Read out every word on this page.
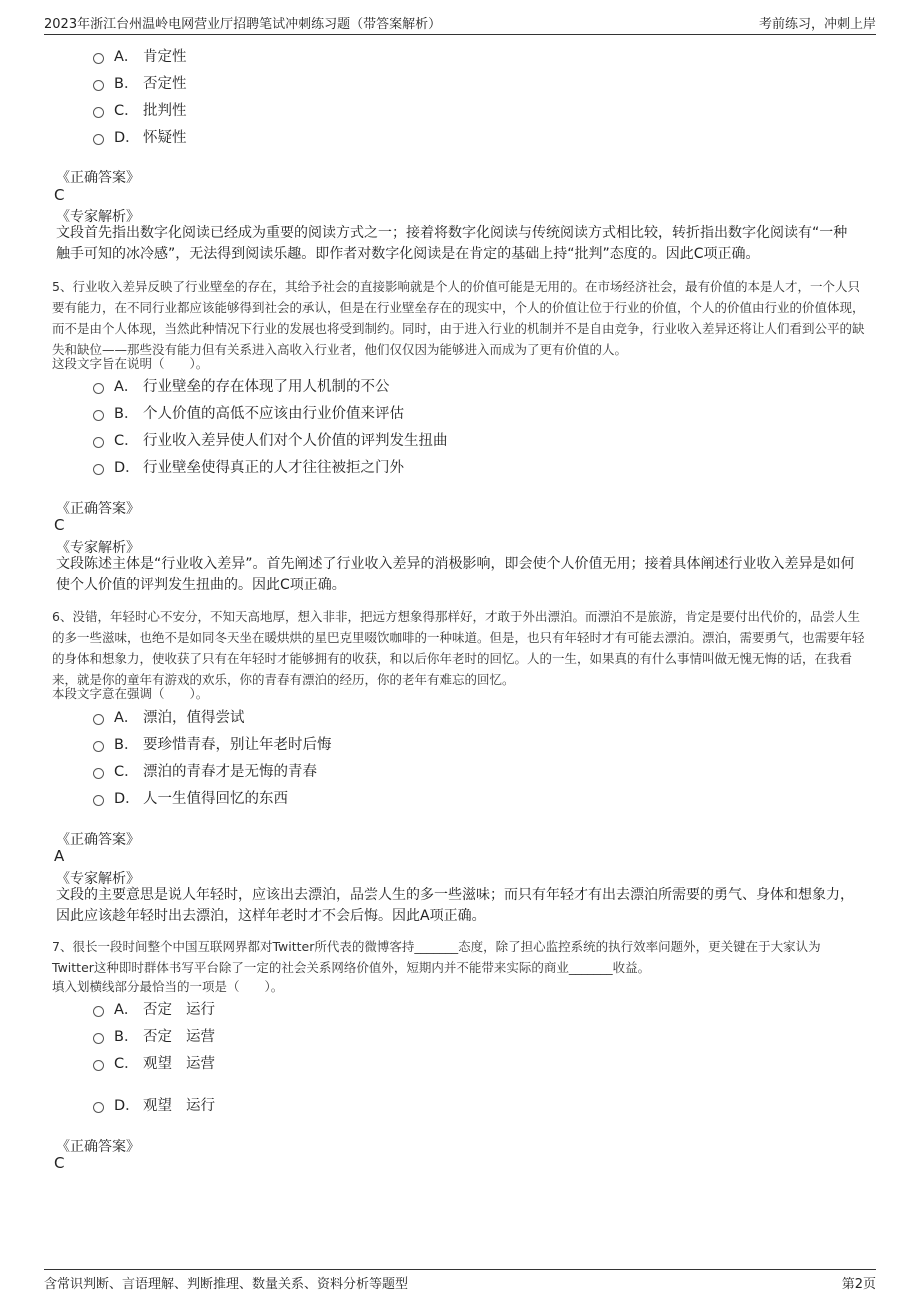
2023年浙江台州温岭电网营业厅招聘笔试冲刺练习题（带答案解析）	考前练习，冲刺上岸
A． 肯定性
B． 否定性
C． 批判性
D． 怀疑性
《正确答案》
C
《专家解析》
文段首先指出数字化阅读已经成为重要的阅读方式之一；接着将数字化阅读与传统阅读方式相比较，转折指出数字化阅读有“一种触手可知的冰冷感”，无法得到阅读乐趣。即作者对数字化阅读是在肯定的基础上持“批判”态度的。因此C项正确。
5、行业收入差异反映了行业壁垒的存在，其给予社会的直接影响就是个人的价值可能是无用的。在市场经济社会，最有价值的本是人才，一个人只要有能力，在不同行业都应该能够得到社会的承认，但是在行业壁垒存在的现实中，个人的价值让位于行业的价值，个人的价值由行业的价值体现，而不是由个人体现，当然此种情况下行业的发展也将受到制约。同时，由于进入行业的机制并不是自由竞争，行业收入差异还将让人们看到公平的缺失和缺位——那些没有能力但有关系进入高收入行业者，他们仅仅因为能够进入而成为了更有价值的人。
这段文字旨在说明（　　）。
A． 行业壁垒的存在体现了用人机制的不公
B． 个人价值的高低不应该由行业价值来评估
C． 行业收入差异使人们对个人价值的评判发生扭曲
D． 行业壁垒使得真正的人才往往被拒之门外
《正确答案》
C
《专家解析》
文段陈述主体是“行业收入差异”。首先阐述了行业收入差异的消极影响，即会使个人价值无用；接着具体阐述行业收入差异是如何使个人价值的评判发生扭曲的。因此C项正确。
6、没错，年轻时心不安分，不知天高地厚，想入非非，把远方想象得那样好，才敢于外出漂泊。而漂泊不是旅游，肯定是要付出代价的，品尝人生的多一些滋味，也绝不是如同冬天坐在暖烘烘的星巴克里啜饮咖啡的一种味道。但是，也只有年轻时才有可能去漂泊。漂泊，需要勇气，也需要年轻的身体和想象力，使收获了只有在年轻时才能够拥有的收获，和以后你年老时的回忆。人的一生，如果真的有什么事情叫做无愧无悔的话，在我看来，就是你的童年有游戏的欢乐，你的青春有漂泊的经历，你的老年有难忘的回忆。
本段文字意在强调（　　）。
A． 漂泊，值得尝试
B． 要珍惜青春，别让年老时后悔
C． 漂泊的青春才是无悔的青春
D． 人一生值得回忆的东西
《正确答案》
A
《专家解析》
文段的主要意思是说人年轻时，应该出去漂泊，品尝人生的多一些滋味；而只有年轻才有出去漂泊所需要的勇气、身体和想象力，因此应该趁年轻时出去漂泊，这样年老时才不会后悔。因此A项正确。
7、很长一段时间整个中国互联网界都对Twitter所代表的微博客持_______态度，除了担心监控系统的执行效率问题外，更关键在于大家认为
Twitter这种即时群体书写平台除了一定的社会关系网络价值外，短期内并不能带来实际的商业_______收益。
填入划横线部分最恰当的一项是（　　）。
A． 否定 运行
B． 否定 运营
C． 观望 运营
D． 观望 运行
《正确答案》
C
含常识判断、言语理解、判断推理、数量关系、资料分析等题型	第2页
